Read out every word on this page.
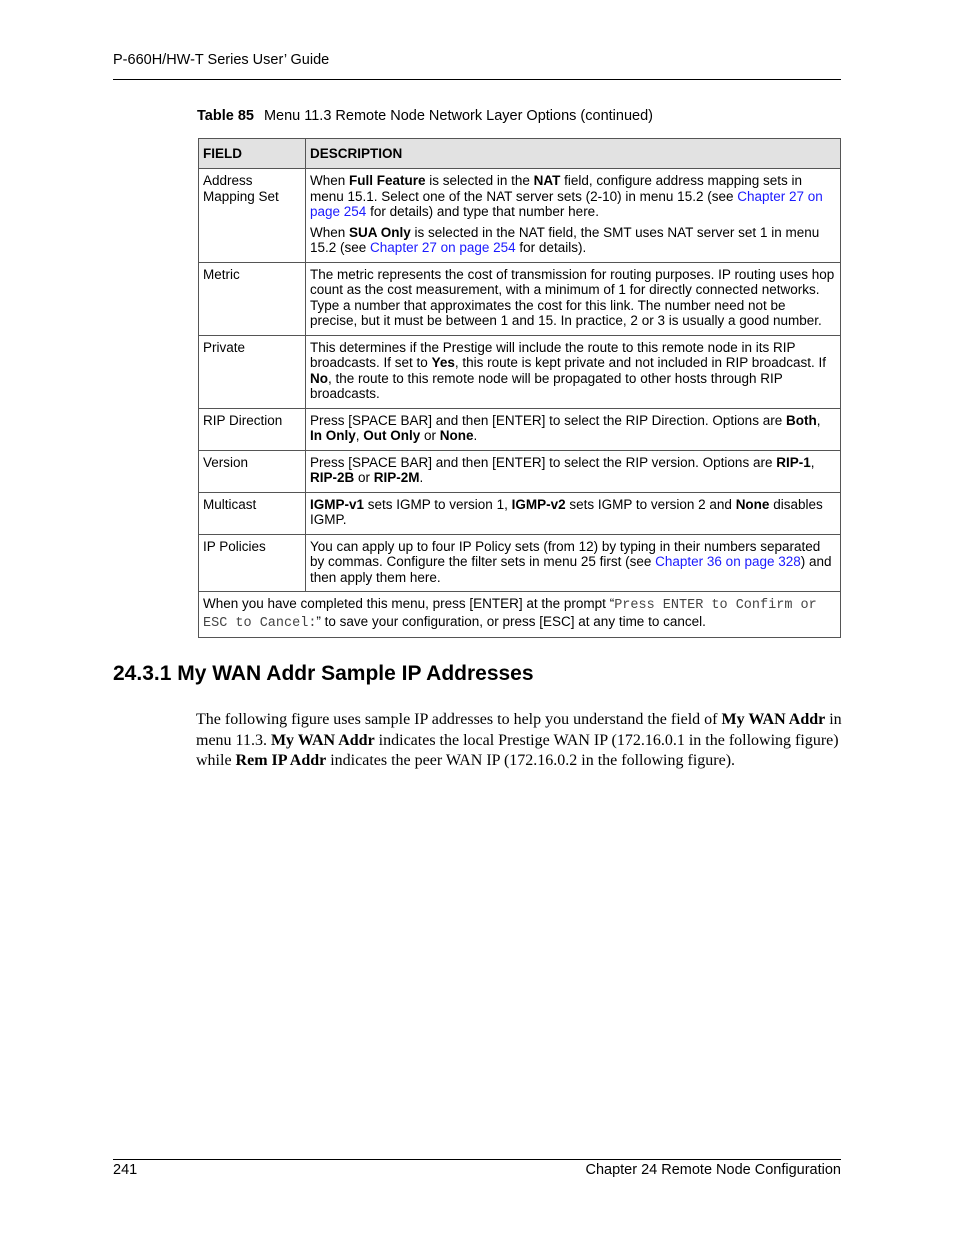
P-660H/HW-T Series User’ Guide
Table 85 Menu 11.3 Remote Node Network Layer Options (continued)
FIELD	DESCRIPTION
Address Mapping Set	When Full Feature is selected in the NAT field, configure address mapping sets in menu 15.1. Select one of the NAT server sets (2-10) in menu 15.2 (see Chapter 27 on page 254 for details) and type that number here.
When SUA Only is selected in the NAT field, the SMT uses NAT server set 1 in menu 15.2 (see Chapter 27 on page 254 for details).

Metric	The metric represents the cost of transmission for routing purposes. IP routing uses hop count as the cost measurement, with a minimum of 1 for directly connected networks. Type a number that approximates the cost for this link. The number need not be precise, but it must be between 1 and 15. In practice, 2 or 3 is usually a good number.
Private	This determines if the Prestige will include the route to this remote node in its RIP broadcasts. If set to Yes, this route is kept private and not included in RIP broadcast. If No, the route to this remote node will be propagated to other hosts through RIP broadcasts.
RIP Direction	Press [SPACE BAR] and then [ENTER] to select the RIP Direction. Options are Both, In Only, Out Only or None.
Version	Press [SPACE BAR] and then [ENTER] to select the RIP version. Options are RIP-1, RIP-2B or RIP-2M.
Multicast	IGMP-v1 sets IGMP to version 1, IGMP-v2 sets IGMP to version 2 and None disables IGMP.
IP Policies	You can apply up to four IP Policy sets (from 12) by typing in their numbers separated by commas. Configure the filter sets in menu 25 first (see Chapter 36 on page 328) and then apply them here.
When you have completed this menu, press [ENTER] at the prompt “Press ENTER to Confirm or ESC to Cancel:” to save your configuration, or press [ESC] at any time to cancel.	
24.3.1 My WAN Addr Sample IP Addresses

The following figure uses sample IP addresses to help you understand the field of My WAN Addr in menu 11.3. My WAN Addr indicates the local Prestige WAN IP (172.16.0.1 in the following figure) while Rem IP Addr indicates the peer WAN IP (172.16.0.2 in the following figure).

241	Chapter 24 Remote Node Configuration
